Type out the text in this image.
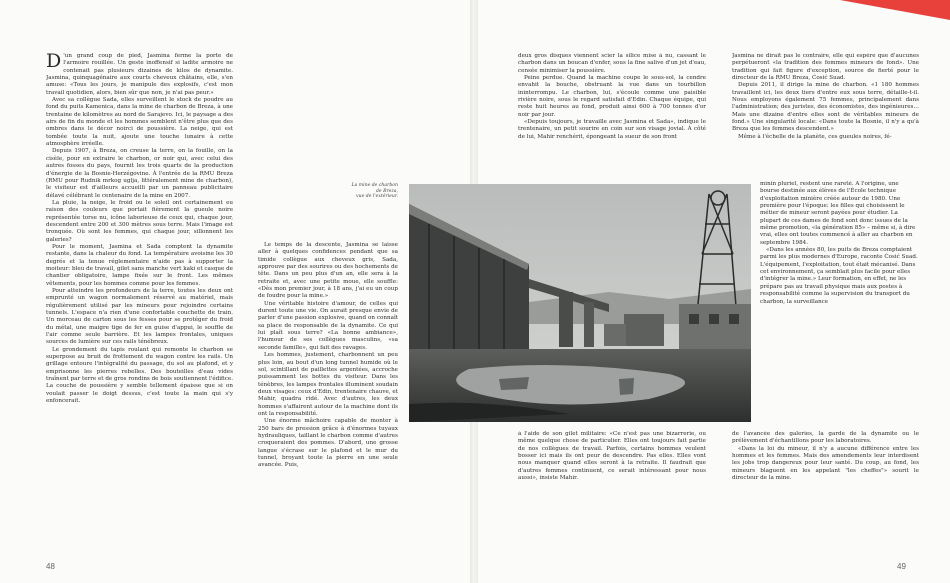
D 'un grand coup de pied, Jasmina ferme la porte de l'armoire rouillée. Un geste inoffensif si ladite armoire ne contenait pas plusieurs dizaines de kilos de dynamite. Jasmina, quinquagénaire aux courts cheveux châtains, elle, s'en amuse: «Tous les jours, je manipule des explosifs, c'est mon travail quotidien, alors, bien sûr que non, je n'ai pas peur.»

Avec sa collègue Sada, elles surveillent le stock de poudre au fond du puits Kamenica, dans la mine de charbon de Breza, à une trentaine de kilomètres au nord de Sarajevo. Ici, le paysage a des airs de fin du monde et les hommes semblent n'être plus que des ombres dans le décor noirci de poussière. La neige, qui est tombée toute la nuit, ajoute une touche lunaire à cette atmosphère irréelle.

Depuis 1907, à Breza, on creuse la terre, on la fouille, on la cisèle, pour en extraire le charbon, or noir qui, avec celui des autres fosses du pays, fournit les trois quarts de la production d'énergie de la Bosnie-Herzégovine. À l'entrée de la RMU Breza (RMU pour Rudnik mrkog uglja, littéralement mine de charbon), le visiteur est d'ailleurs accueilli par un panneau publicitaire délavé célébrant le centenaire de la mine en 2007.

La pluie, la neige, le froid ou le soleil ont certainement eu raison des couleurs que portait fièrement la gueule noire représentée torse nu, icône laborieuse de ceux qui, chaque jour, descendent entre 200 et 300 mètres sous terre. Mais l'image est tronquée. Où sont les femmes, qui chaque jour, sillonnent les galeries?

Pour le moment, Jasmina et Sada comptent la dynamite restante, dans la chaleur du fond. La température avoisine les 30 degrés et la tenue réglementaire n'aide pas à supporter la moiteur: bleu de travail, gilet sans manche vert kaki et casque de chantier obligatoire, lampe fixée sur le front. Les mêmes vêtements, pour les hommes comme pour les femmes.

Pour atteindre les profondeurs de la terre, toutes les deux ont emprunté un wagon normalement réservé au matériel, mais régulièrement utilisé par les mineurs pour rejoindre certains tunnels. L'espace n'a rien d'une confortable couchette de train. Un morceau de carton sous les fesses pour se protéger du froid du métal, une maigre tige de fer en guise d'appui, le souffle de l'air comme seule barrière. Et les lampes frontales, uniques sources de lumière sur ces rails ténébreux.

Le grondement du tapis roulant qui remonte le charbon se superpose au bruit de frottement du wagon contre les rails. Un grillage entoure l'intégralité du passage, du sol au plafond, et y emprisonne les pierres rebelles. Des bouteilles d'eau vides traînent par terre et de gros rondins de bois soutiennent l'édifice. La couche de poussière y semble tellement épaisse que si on voulait passer le doigt dessus, c'est toute la main qui s'y enfoncerait.

Le temps de la descente, Jasmina se laisse aller à quelques confidences pendant que sa timide collègue aux cheveux gris, Sada, approuve par des sourires ou des hochements de tête. Dans un peu plus d'un an, elle sera à la retraite et, avec une petite moue, elle souffle: «Dès mon premier jour, à 18 ans, j'ai eu un coup de foudre pour la mine.»

Une véritable histoire d'amour, de celles qui durent toute une vie. On aurait presque envie de parler d'une passion explosive, quand on connaît sa place de responsable de la dynamite. Ce qui lui plaît sous terre? «La bonne ambiance», l'humour de ses collègues masculins, «sa seconde famille», qui fait des ravages.

Les hommes, justement, charbonnent un peu plus loin, au bout d'un long tunnel humide où le sol, scintillant de paillettes argentées, accroche puissamment les bottes du visiteur. Dans les ténèbres, les lampes frontales illuminent soudain deux visages: ceux d'Edin, trentenaire chauve, et Mahir, quadra ridé. Avec d'autres, les deux hommes s'affairent autour de la machine dont ils ont la responsabilité.

Une énorme mâchoire capable de monter à 250 bars de pression grâce à d'énormes tuyaux hydrauliques, taillant le charbon comme d'autres croqueraient des pommes. D'abord, une grosse langue s'écrase sur le plafond et le mur du tunnel, broyant toute la pierre en une seule avancée. Puis,

deux gros disques viennent scier la silice mise à nu, cassant le charbon dans un boucan d'enfer, sous la fine salive d'un jet d'eau, censée minimiser la poussière.

Peine perdue. Quand la machine coupe le sous-sol, la cendre envahit la bouche, obstruant la vue dans un tourbillon ininterrompu. Le charbon, lui, s'écoule comme une paisible rivière noire, sous le regard satisfait d'Edin. Chaque équipe, qui reste huit heures au fond, produit ainsi 600 à 700 tonnes d'or noir par jour.

«Depuis toujours, je travaille avec Jasmina et Sada», indique le trentenaire, un petit sourire en coin sur son visage jovial. À côté de lui, Mahir renchérit, épongeant la sueur de son front

à l'aide de son gilet militaire: «Ce n'est pas une bizarrerie, ou même quelque chose de particulier. Elles ont toujours fait partie de nos collègues de travail. Parfois, certains hommes veulent bosser ici mais ils ont peur de descendre. Pas elles. Elles vont nous manquer quand elles seront à la retraite. Il faudrait que d'autres femmes continuent, ce serait intéressant pour nous aussi», insiste Mahir.

Jasmina ne dirait pas le contraire, elle qui espère que d'aucunes perpétueront «la tradition des femmes mineurs de fond». Une tradition qui fait figure d'exception, source de fierté pour le directeur de la RMU Breza, Ćosić Suad.

Depuis 2011, il dirige la mine de charbon. «1 180 hommes travaillent ici, les deux tiers d'entre eux sous terre, détaille-t-il. Nous employons également 75 femmes, principalement dans l'administration; des juristes, des économistes, des ingénieures… Mais une dizaine d'entre elles sont de véritables mineurs de fond.» Une singularité locale: «Dans toute la Bosnie, il n'y a qu'à Breza que les femmes descendent.»

Même à l'échelle de la planète, ces gueules noires, fé-

minin pluriel, restent une rareté. À l'origine, une bourse destinée aux élèves de l'École technique d'exploitation minière créée autour de 1980. Une première pour l'époque: les filles qui choisissent le métier de mineur seront payées pour étudier. La plupart de ces dames de fond sont donc issues de la même promotion, «la génération 85» – même si, à dire vrai, elles ont toutes commencé à aller au charbon en septembre 1984.

«Dans les années 80, les puits de Breza comptaient parmi les plus modernes d'Europe, raconte Ćosić Suad. L'équipement, l'exploitation, tout était mécanisé. Dans cet environnement, ça semblait plus facile pour elles d'intégrer la mine.» Leur formation, en effet, ne les prépare pas au travail physique mais aux postes à responsabilité comme la supervision du transport du charbon, la surveillance

de l'avancée des galeries, la garde de la dynamite ou le prélèvement d'échantillons pour les laboratoires.

«Dans la loi du mineur, il n'y a aucune différence entre les hommes et les femmes. Mais des amendements leur interdisent les jobs trop dangereux pour leur santé. Du coup, au fond, les mineurs blaguent en les appelant "les cheffes"» sourit le directeur de la mine.

La mine de charbon
de Breza,
vue de l'extérieur.
48	49
